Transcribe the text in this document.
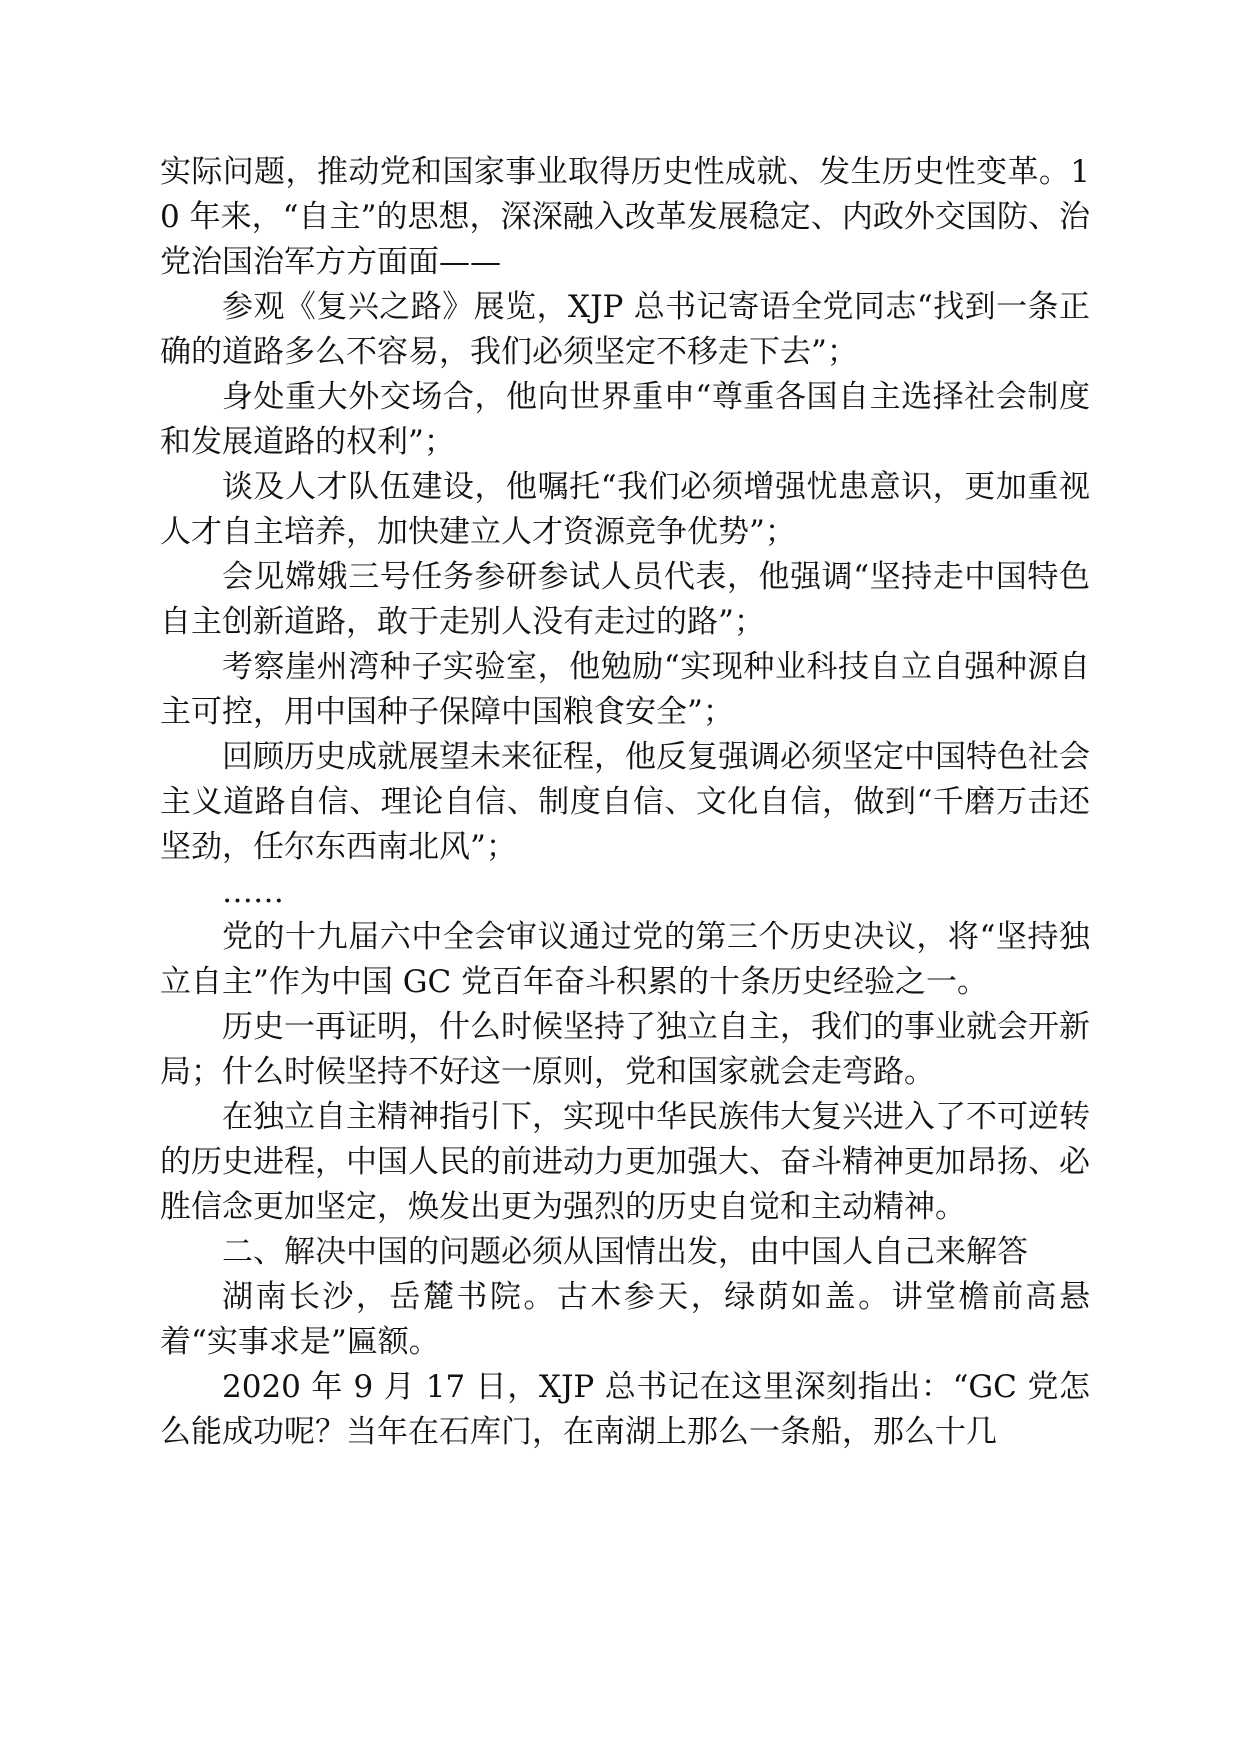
实际问题，推动党和国家事业取得历史性成就、发生历史性变革。10 年来，“自主”的思想，深深融入改革发展稳定、内政外交国防、治党治国治军方方面面——

参观《复兴之路》展览，XJP 总书记寄语全党同志“找到一条正确的道路多么不容易，我们必须坚定不移走下去”；

身处重大外交场合，他向世界重申“尊重各国自主选择社会制度和发展道路的权利”；

谈及人才队伍建设，他嘱托“我们必须增强忧患意识，更加重视人才自主培养，加快建立人才资源竞争优势”；

会见嫦娥三号任务参研参试人员代表，他强调“坚持走中国特色自主创新道路，敢于走别人没有走过的路”；

考察崖州湾种子实验室，他勉励“实现种业科技自立自强种源自主可控，用中国种子保障中国粮食安全”；

回顾历史成就展望未来征程，他反复强调必须坚定中国特色社会主义道路自信、理论自信、制度自信、文化自信，做到“千磨万击还坚劲，任尔东西南北风”；

……

党的十九届六中全会审议通过党的第三个历史决议，将“坚持独立自主”作为中国 GC 党百年奋斗积累的十条历史经验之一。

历史一再证明，什么时候坚持了独立自主，我们的事业就会开新局；什么时候坚持不好这一原则，党和国家就会走弯路。

在独立自主精神指引下，实现中华民族伟大复兴进入了不可逆转的历史进程，中国人民的前进动力更加强大、奋斗精神更加昂扬、必胜信念更加坚定，焕发出更为强烈的历史自觉和主动精神。

二、解决中国的问题必须从国情出发，由中国人自己来解答

湖南长沙，岳麓书院。古木参天，绿荫如盖。讲堂檐前高悬着“实事求是”匾额。

2020 年 9 月 17 日，XJP 总书记在这里深刻指出：“GC 党怎么能成功呢？当年在石库门，在南湖上那么一条船，那么十几
